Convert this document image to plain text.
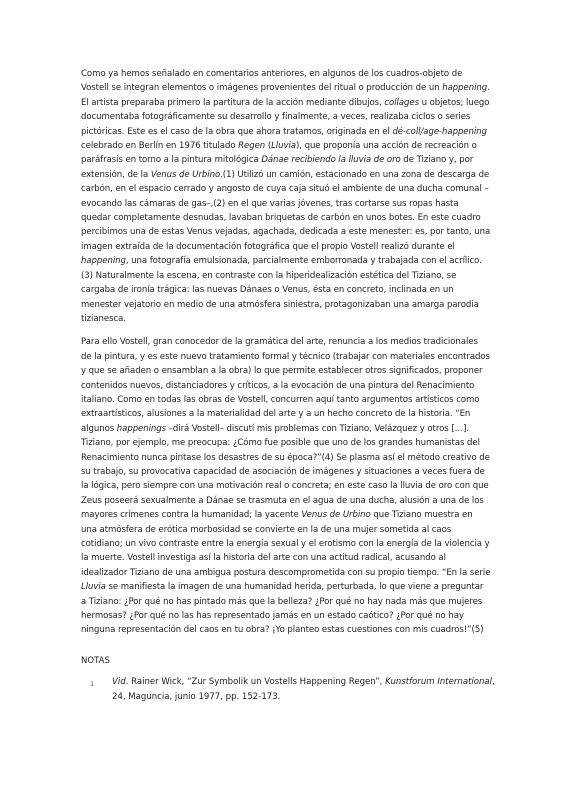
Como ya hemos señalado en comentarios anteriores, en algunos de los cuadros-objeto de Vostell se integran elementos o imágenes provenientes del ritual o producción de un happening. El artista preparaba primero la partitura de la acción mediante dibujos, collages u objetos; luego documentaba fotográficamente su desarrollo y finalmente, a veces, realizaba ciclos o series pictóricas. Este es el caso de la obra que ahora tratamos, originada en el dé-coll/age-happening celebrado en Berlín en 1976 titulado Regen (Lluvia), que proponía una acción de recreación o paráfrasis en torno a la pintura mitológica Dánae recibiendo la lluvia de oro de Tiziano y, por extensión, de la Venus de Urbino.(1) Utilizó un camión, estacionado en una zona de descarga de carbón, en el espacio cerrado y angosto de cuya caja situó el ambiente de una ducha comunal –evocando las cámaras de gas–,(2) en el que varias jóvenes, tras cortarse sus ropas hasta quedar completamente desnudas, lavaban briquetas de carbón en unos botes. En este cuadro percibimos una de estas Venus vejadas, agachada, dedicada a este menester: es, por tanto, una imagen extraída de la documentación fotográfica que el propio Vostell realizó durante el happening, una fotografía emulsionada, parcialmente emborronada y trabajada con el acrílico.(3) Naturalmente la escena, en contraste con la hiperidealización estética del Tiziano, se cargaba de ironía trágica: las nuevas Dánaes o Venus, ésta en concreto, inclinada en un menester vejatorio en medio de una atmósfera siniestra, protagonizaban una amarga parodia tizianesca.

Para ello Vostell, gran conocedor de la gramática del arte, renuncia a los medios tradicionales de la pintura, y es este nuevo tratamiento formal y técnico (trabajar con materiales encontrados y que se añaden o ensamblan a la obra) lo que permite establecer otros significados, proponer contenidos nuevos, distanciadores y críticos, a la evocación de una pintura del Renacimiento italiano. Como en todas las obras de Vostell, concurren aquí tanto argumentos artísticos como extraartísticos, alusiones a la materialidad del arte y a un hecho concreto de la historia. “En algunos happenings –dirá Vostell– discutí mis problemas con Tiziano, Velázquez y otros […]. Tiziano, por ejemplo, me preocupa: ¿Cómo fue posible que uno de los grandes humanistas del Renacimiento nunca pintase los desastres de su época?”(4) Se plasma así el método creativo de su trabajo, su provocativa capacidad de asociación de imágenes y situaciones a veces fuera de la lógica, pero siempre con una motivación real o concreta; en este caso la lluvia de oro con que Zeus poseerá sexualmente a Dánae se trasmuta en el agua de una ducha, alusión a una de los mayores crímenes contra la humanidad; la yacente Venus de Urbino que Tiziano muestra en una atmósfera de erótica morbosidad se convierte en la de una mujer sometida al caos cotidiano; un vivo contraste entre la energía sexual y el erotismo con la energía de la violencia y la muerte. Vostell investiga así la historia del arte con una actitud radical, acusando al idealizador Tiziano de una ambigua postura descomprometida con su propio tiempo. “En la serie Lluvia se manifiesta la imagen de una humanidad herida, perturbada, lo que viene a preguntar a Tiziano: ¿Por qué no has pintado más que la belleza? ¿Por qué no hay nada más que mujeres hermosas? ¿Por qué no las has representado jamás en un estado caótico? ¿Por qué no hay ninguna representación del caos en tu obra? ¡Yo planteo estas cuestiones con mis cuadros!”(5)

NOTAS

1 Vid. Rainer Wick, “Zur Symbolik un Vostells Happening Regen”, Kunstforum International, 24, Maguncia, junio 1977, pp. 152-173.
